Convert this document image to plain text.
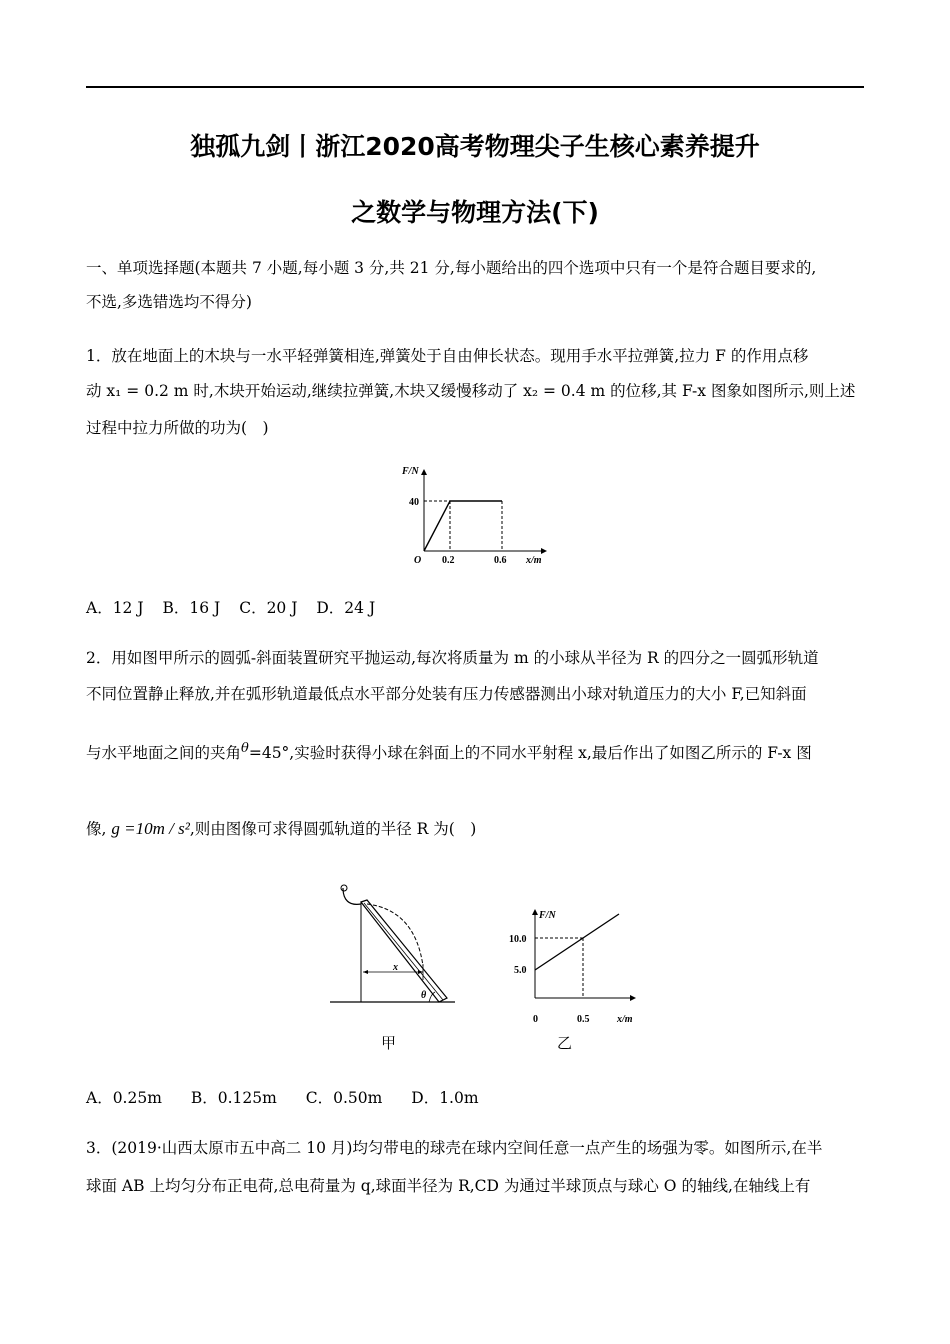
独孤九剑丨浙江2020高考物理尖子生核心素养提升
之数学与物理方法(下)
一、单项选择题(本题共 7 小题,每小题 3 分,共 21 分,每小题给出的四个选项中只有一个是符合题目要求的,
不选,多选错选均不得分)
1．放在地面上的木块与一水平轻弹簧相连,弹簧处于自由伸长状态。现用手水平拉弹簧,拉力 F 的作用点移
动 x₁ = 0.2 m 时,木块开始运动,继续拉弹簧,木块又缓慢移动了 x₂ = 0.4 m 的位移,其 F-x 图象如图所示,则上述
过程中拉力所做的功为(　)
F/N
40
O 0.2	0.6 x/m
A．12 J B．16 J C．20 J D．24 J
2．用如图甲所示的圆弧-斜面装置研究平抛运动,每次将质量为 m 的小球从半径为 R 的四分之一圆弧形轨道
不同位置静止释放,并在弧形轨道最低点水平部分处装有压力传感器测出小球对轨道压力的大小 F,已知斜面
与水平地面之间的夹角$^\theta$=45°,实验时获得小球在斜面上的不同水平射程 x,最后作出了如图乙所示的 F-x 图
像, g =10m / s²,则由图像可求得圆弧轨道的半径 R 为(　)
x
θ
甲
F/N
10.0
5.0
0	0.5	x/m
乙
A．0.25m B．0.125m C．0.50m D．1.0m
3．(2019·山西太原市五中高二 10 月)均匀带电的球壳在球内空间任意一点产生的场强为零。如图所示,在半
球面 AB 上均匀分布正电荷,总电荷量为 q,球面半径为 R,CD 为通过半球顶点与球心 O 的轴线,在轴线上有
